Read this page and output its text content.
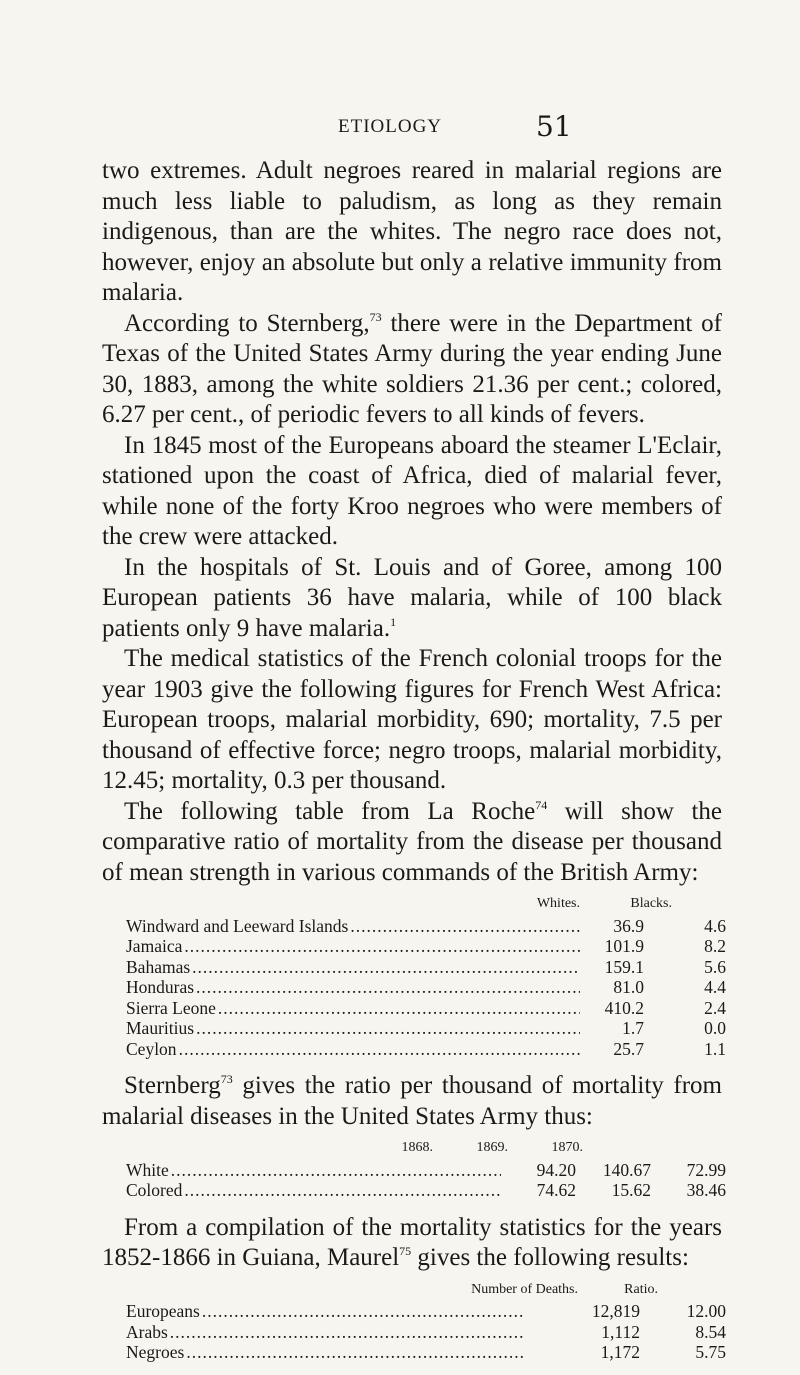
ETIOLOGY	51

two extremes. Adult negroes reared in malarial regions are much less liable to paludism, as long as they remain indigenous, than are the whites. The negro race does not, however, enjoy an absolute but only a relative immunity from malaria.

According to Sternberg,$^{73}$ there were in the Department of Texas of the United States Army during the year ending June 30, 1883, among the white soldiers 21.36 per cent.; colored, 6.27 per cent., of periodic fevers to all kinds of fevers.

In 1845 most of the Europeans aboard the steamer L'Eclair, stationed upon the coast of Africa, died of malarial fever, while none of the forty Kroo negroes who were members of the crew were attacked.

In the hospitals of St. Louis and of Goree, among 100 European patients 36 have malaria, while of 100 black patients only 9 have malaria.$^1$

The medical statistics of the French colonial troops for the year 1903 give the following figures for French West Africa: European troops, malarial morbidity, 690; mortality, 7.5 per thousand of effective force; negro troops, malarial morbidity, 12.45; mortality, 0.3 per thousand.

The following table from La Roche$^{74}$ will show the comparative ratio of mortality from the disease per thousand of mean strength in various commands of the British Army:

Whites.	Blacks.
Windward and Leeward Islands .....	36.9	4.6
Jamaica .....	101.9	8.2
Bahamas .....	159.1	5.6
Honduras .....	81.0	4.4
Sierra Leone .....	410.2	2.4
Mauritius .....	1.7	0.0
Ceylon .....	25.7	1.1

Sternberg$^{73}$ gives the ratio per thousand of mortality from malarial diseases in the United States Army thus:

1868.	1869.	1870.
White .....	94.20	140.67	72.99
Colored .....	74.62	15.62	38.46

From a compilation of the mortality statistics for the years 1852-1866 in Guiana, Maurel$^{75}$ gives the following results:

Number of Deaths.	Ratio.
Europeans .....	12,819	12.00
Arabs .....	1,112	8.54
Negroes .....	1,172	5.75
